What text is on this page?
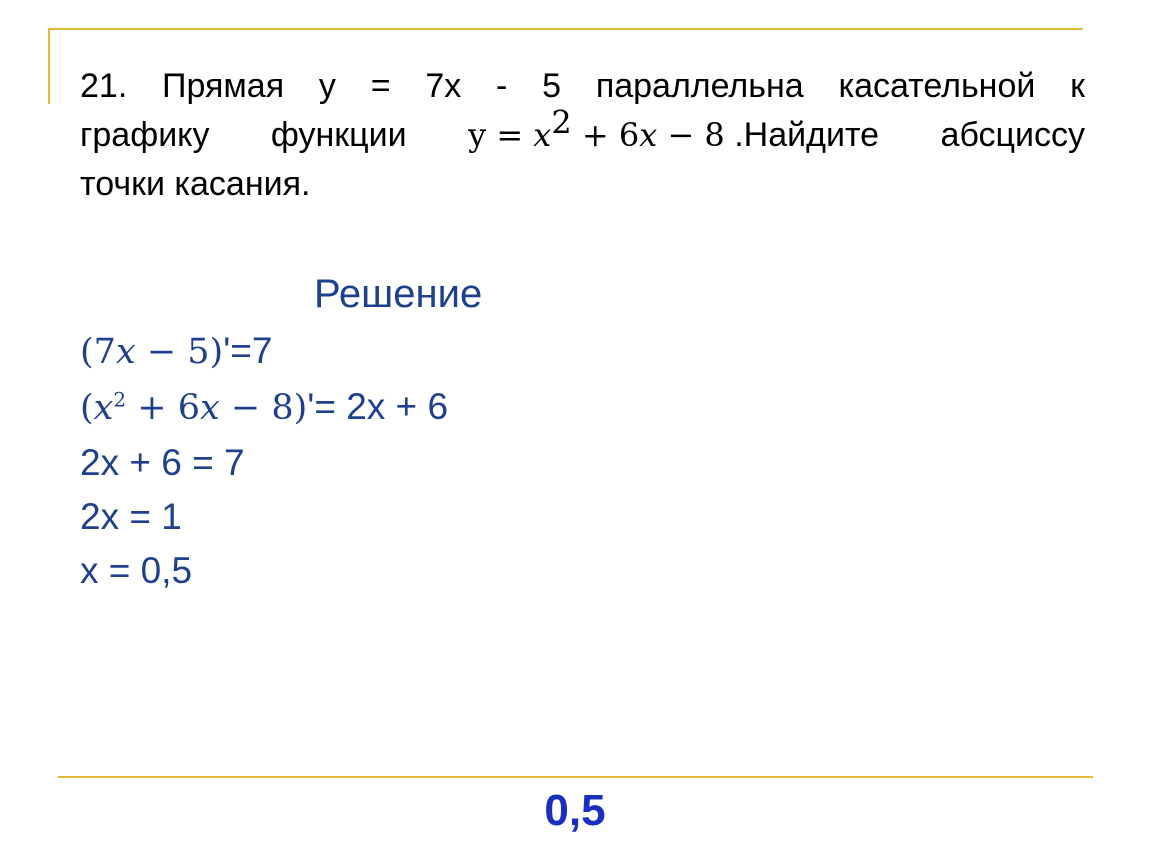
21. Прямая y = 7x - 5 параллельна касательной к
графику функции $y = x^2 + 6x - 8$ .Найдите абсциссу
точки касания.
Решение
(7x − 5)'=7
$(x^2 + 6x - 8)'= 2x + 6$
2x + 6 = 7
2x = 1
x = 0,5
0,5
